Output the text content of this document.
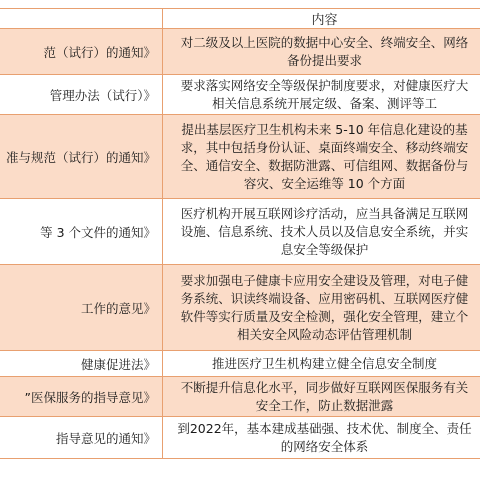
	内容
范（试行）的通知》	对二级及以上医院的数据中心安全、终端安全、网络
备份提出要求

管理办法（试行）》	要求落实网络安全等级保护制度要求，对健康医疗大
相关信息系统开展定级、备案、测评等工

准与规范（试行）的通知》	提出基层医疗卫生机构未来 5-10 年信息化建设的基
求，其中包括身份认证、桌面终端安全、移动终端安
全、通信安全、数据防泄露、可信组网、数据备份与
容灾、安全运维等 10 个方面

等 3 个文件的通知》	医疗机构开展互联网诊疗活动，应当具备满足互联网
设施、信息系统、技术人员以及信息安全系统，并实
息安全等级保护

工作的意见》	要求加强电子健康卡应用安全建设及管理，对电子健
务系统、识读终端设备、应用密码机、互联网医疗健
软件等实行质量及安全检测，强化安全管理，建立个
相关安全风险动态评估管理机制

健康促进法》	推进医疗卫生机构建立健全信息安全制度

”医保服务的指导意见》	不断提升信息化水平，同步做好互联网医保服务有关
安全工作，防止数据泄露

指导意见的通知》	到2022年，基本建成基础强、技术优、制度全、责任
的网络安全体系
